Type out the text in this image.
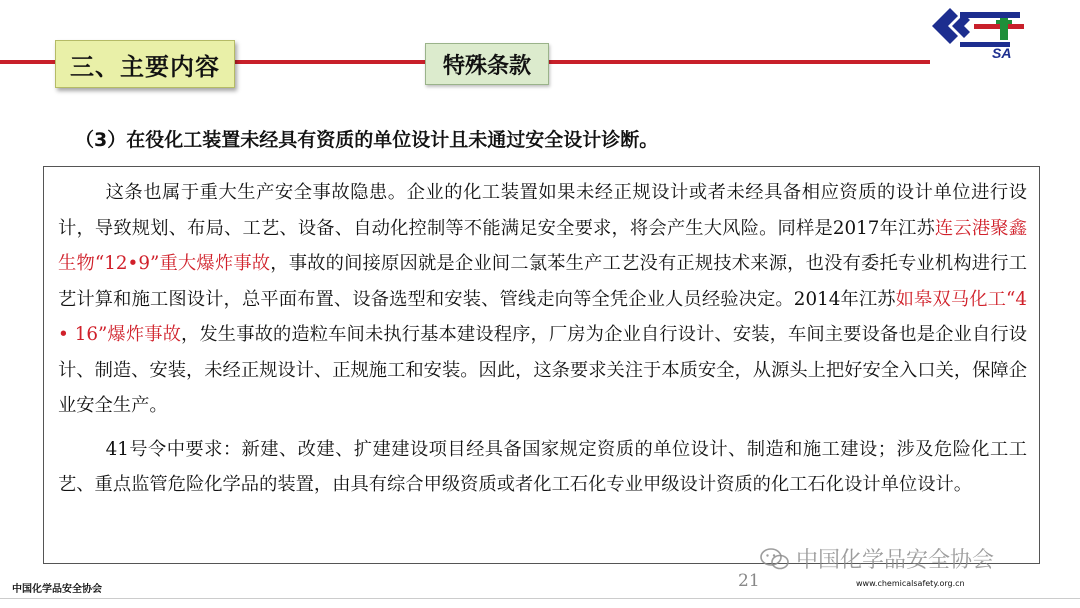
三、主要内容	特殊条款
SA
（3）在役化工装置未经具有资质的单位设计且未通过安全设计诊断。

这条也属于重大生产安全事故隐患。企业的化工装置如果未经正规设计或者未经具备相应资质的设计单位进行设计，导致规划、布局、工艺、设备、自动化控制等不能满足安全要求，将会产生大风险。同样是2017年江苏连云港聚鑫生物“12•9”重大爆炸事故，事故的间接原因就是企业间二氯苯生产工艺没有正规技术来源，也没有委托专业机构进行工艺计算和施工图设计，总平面布置、设备选型和安装、管线走向等全凭企业人员经验决定。2014年江苏如皋双马化工“4 • 16”爆炸事故，发生事故的造粒车间未执行基本建设程序，厂房为企业自行设计、安装，车间主要设备也是企业自行设计、制造、安装，未经正规设计、正规施工和安装。因此，这条要求关注于本质安全，从源头上把好安全入口关，保障企业安全生产。

41号令中要求：新建、改建、扩建建设项目经具备国家规定资质的单位设计、制造和施工建设；涉及危险化工工艺、重点监管危险化学品的装置，由具有综合甲级资质或者化工石化专业甲级设计资质的化工石化设计单位设计。

中国化学品安全协会	21	www.chemicalsafety.org.cn
中国化学品安全协会
